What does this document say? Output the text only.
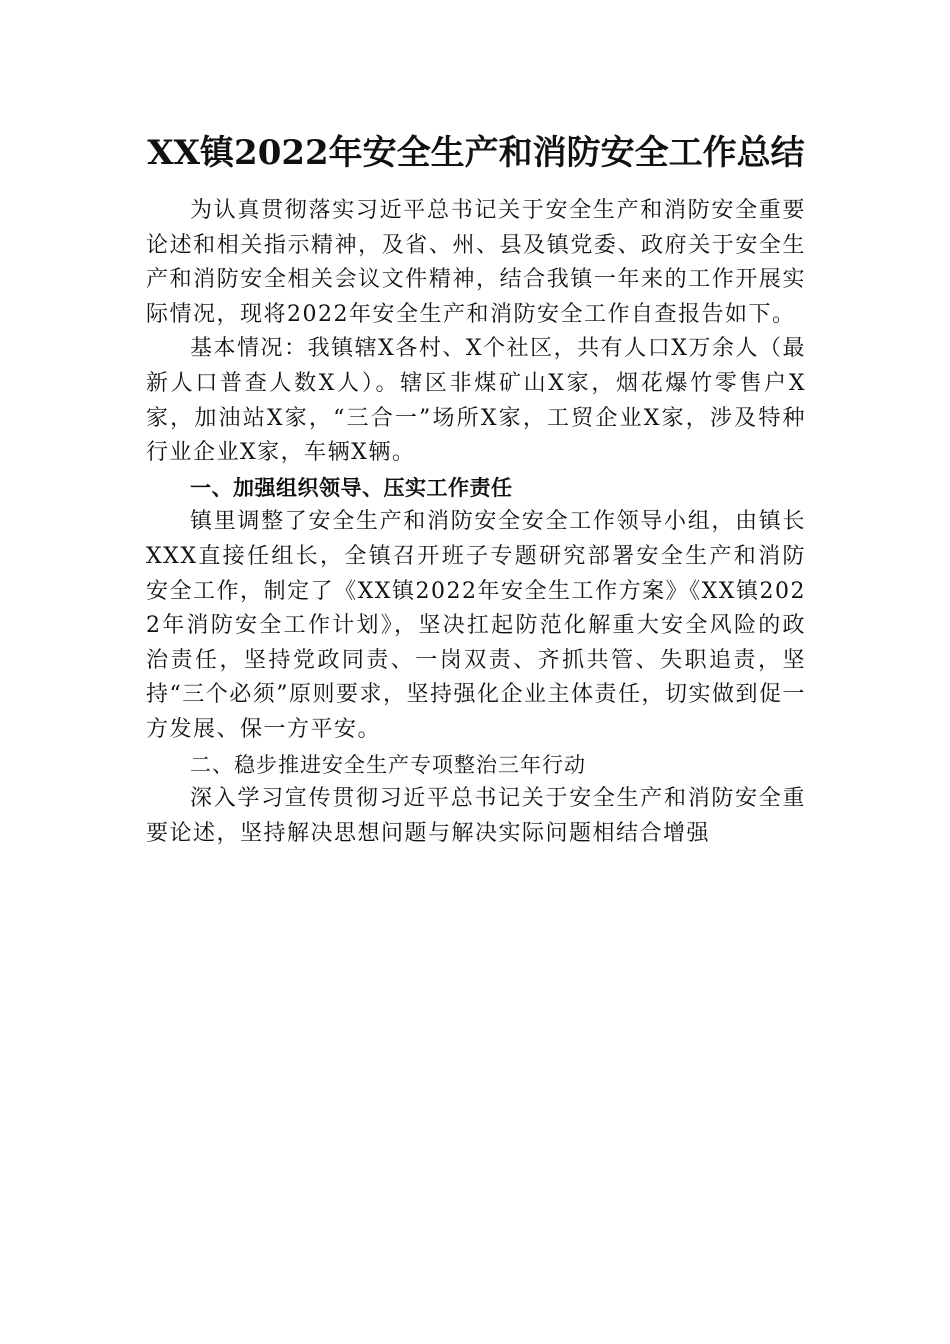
XX镇2022年安全生产和消防安全工作总结

为认真贯彻落实习近平总书记关于安全生产和消防安全重要论述和相关指示精神，及省、州、县及镇党委、政府关于安全生产和消防安全相关会议文件精神，结合我镇一年来的工作开展实际情况，现将2022年安全生产和消防安全工作自查报告如下。

基本情况：我镇辖X各村、X个社区，共有人口X万余人（最新人口普查人数X人）。辖区非煤矿山X家，烟花爆竹零售户X家，加油站X家，“三合一”场所X家，工贸企业X家，涉及特种行业企业X家，车辆X辆。

一、加强组织领导、压实工作责任

镇里调整了安全生产和消防安全安全工作领导小组，由镇长XXX直接任组长，全镇召开班子专题研究部署安全生产和消防安全工作，制定了《XX镇2022年安全生工作方案》《XX镇2022年消防安全工作计划》，坚决扛起防范化解重大安全风险的政治责任，坚持党政同责、一岗双责、齐抓共管、失职追责，坚持“三个必须”原则要求，坚持强化企业主体责任，切实做到促一方发展、保一方平安。

二、稳步推进安全生产专项整治三年行动

深入学习宣传贯彻习近平总书记关于安全生产和消防安全重要论述，坚持解决思想问题与解决实际问题相结合增强
